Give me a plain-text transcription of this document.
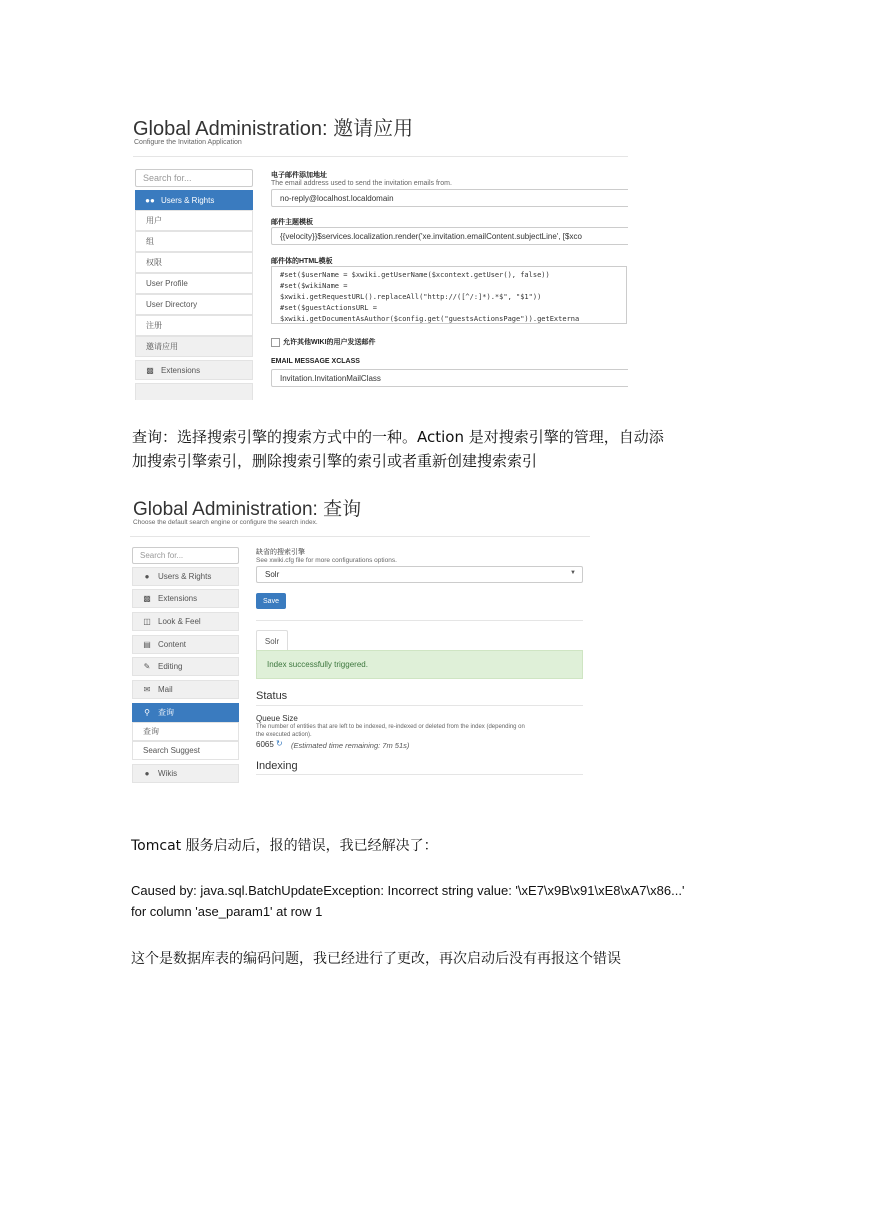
Global Administration: 邀请应用
Configure the Invitation Application
Search for...
●● Users & Rights
用户
组
权限
User Profile
User Directory
注册
邀请应用
▩ Extensions
电子邮件添加地址
The email address used to send the invitation emails from.
no-reply@localhost.localdomain
邮件主题模板
{{velocity}}$services.localization.render('xe.invitation.emailContent.subjectLine', [$xco
邮件体的HTML模板
#set($userName = $xwiki.getUserName($xcontext.getUser(), false))
#set($wikiName =
$xwiki.getRequestURL().replaceAll("http://([^/:]*).*$", "$1"))
#set($guestActionsURL =
$xwiki.getDocumentAsAuthor($config.get("guestsActionsPage")).getExterna
允许其他WIKI的用户发送邮件
EMAIL MESSAGE XCLASS
Invitation.InvitationMailClass
查询：选择搜索引擎的搜索方式中的一种。Action 是对搜索引擎的管理，自动添
加搜索引擎索引，删除搜索引擎的索引或者重新创建搜索索引
Global Administration: 查询
Choose the default search engine or configure the search index.
Search for...
●	Users & Rights
▩ Extensions
◫ Look & Feel
▤ Content
✎ Editing
✉ Mail
⚲	查询
查询
Search Suggest
●	Wikis
缺省的搜索引擎
See xwiki.cfg file for more configurations options.
Solr	▼
Save
Solr
Index successfully triggered.
Status
Queue Size
The number of entities that are left to be indexed, re-indexed or deleted from the index (depending on
the executed action).
6065 ↻ (Estimated time remaining: 7m 51s)
Indexing
Tomcat 服务启动后，报的错误，我已经解决了：
Caused by: java.sql.BatchUpdateException: Incorrect string value: '\xE7\x9B\x91\xE8\xA7\x86...'
for column 'ase_param1' at row 1
这个是数据库表的编码问题，我已经进行了更改，再次启动后没有再报这个错误
